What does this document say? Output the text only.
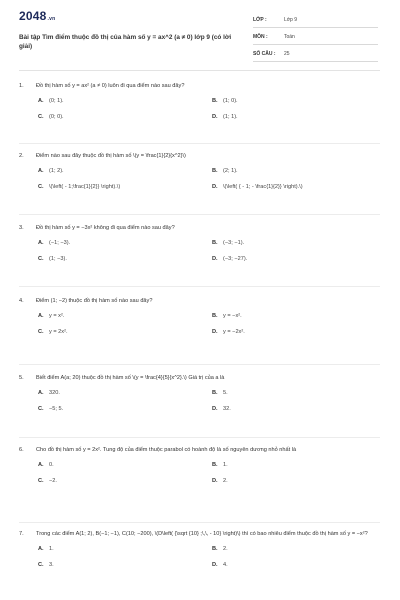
2048.vn
Bài tập Tìm điểm thuộc đồ thị của hàm số y = ax^2 (a ≠ 0) lớp 9 (có lời giải)
LỚP :	Lớp 9
MÔN :	Toán
SỐ CÂU : 25
1. Đồ thị hàm số y = ax² (a ≠ 0) luôn đi qua điểm nào sau đây?
A. (0; 1).	B. (1; 0).
C. (0; 0).	D. (1; 1).
2. Điểm nào sau đây thuộc đồ thị hàm số \(y = \frac{1}{2}{x^2}\)
A. (1; 2).	B. (2; 1).
C. \(\left( - 1;\frac{1}{2}} \right).\)	D. \(\left( { - 1; - \frac{1}{2}} \right).\)
3. Đồ thị hàm số y = −3x² không đi qua điểm nào sau đây?
A. (−1; −3).	B. (−3; −1).
C. (1; −3).	D. (−3; −27).
4. Điểm (1; −2) thuộc đồ thị hàm số nào sau đây?
A. y = x².	B. y = −x².
C. y = 2x².	D. y = −2x².
5. Biết điểm A(a; 20) thuộc đồ thị hàm số \(y = \frac{4}{5}{x^2}.\) Giá trị của a là
A. 320.	B. 5.
C. −5; 5.	D. 32.
6. Cho đồ thị hàm số y = 2x². Tung độ của điểm thuộc parabol có hoành độ là số nguyên dương nhỏ nhất là
A. 0.	B. 1.
C. −2.	D. 2.
7. Trong các điểm A(1; 2), B(−1; −1), C(10; −200), \(D\left( {\sqrt {10} ;\,\, - 10} \right)\) thì có bao nhiêu điểm thuộc đồ thị hàm số y = −x²?
A. 1.	B. 2.
C. 3.	D. 4.
